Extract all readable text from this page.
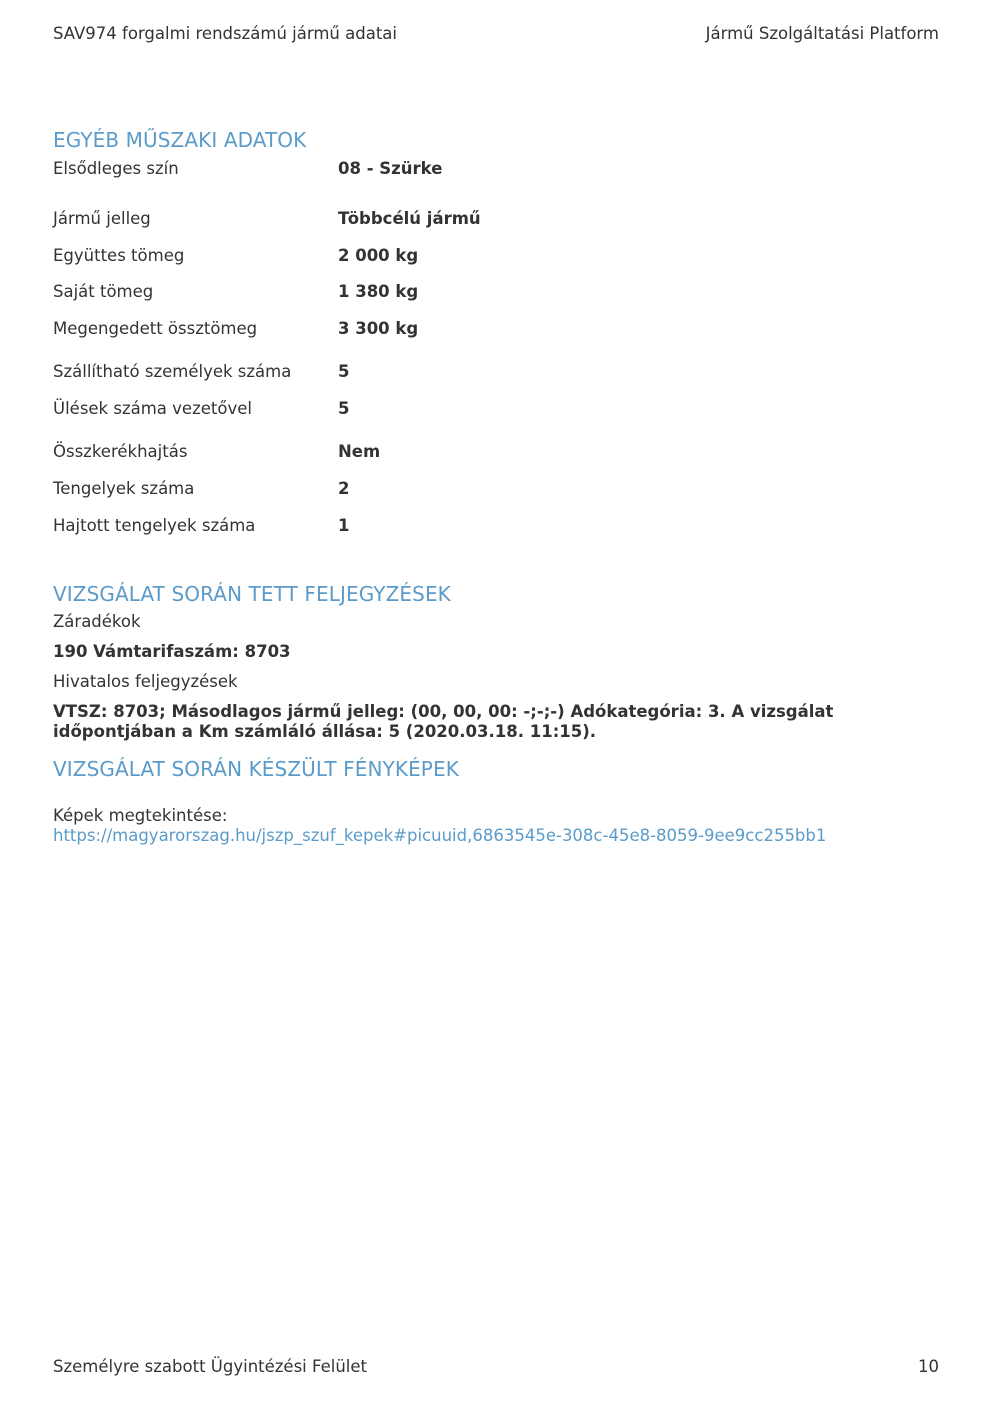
SAV974 forgalmi rendszámú jármű adatai	Jármű Szolgáltatási Platform
EGYÉB MŰSZAKI ADATOK
Elsődleges szín	08 - Szürke
Jármű jelleg	Többcélú jármű
Együttes tömeg	2 000 kg
Saját tömeg	1 380 kg
Megengedett össztömeg	3 300 kg
Szállítható személyek száma	5
Ülések száma vezetővel	5
Összkerékhajtás	Nem
Tengelyek száma	2
Hajtott tengelyek száma	1
VIZSGÁLAT SORÁN TETT FELJEGYZÉSEK
Záradékok
190 Vámtarifaszám: 8703
Hivatalos feljegyzések
VTSZ: 8703; Másodlagos jármű jelleg: (00, 00, 00: -;-;-) Adókategória: 3. A vizsgálat időpontjában a Km számláló állása: 5 (2020.03.18. 11:15).
VIZSGÁLAT SORÁN KÉSZÜLT FÉNYKÉPEK
Képek megtekintése:
https://magyarorszag.hu/jszp_szuf_kepek#picuuid,6863545e-308c-45e8-8059-9ee9cc255bb1
Személyre szabott Ügyintézési Felület	10
